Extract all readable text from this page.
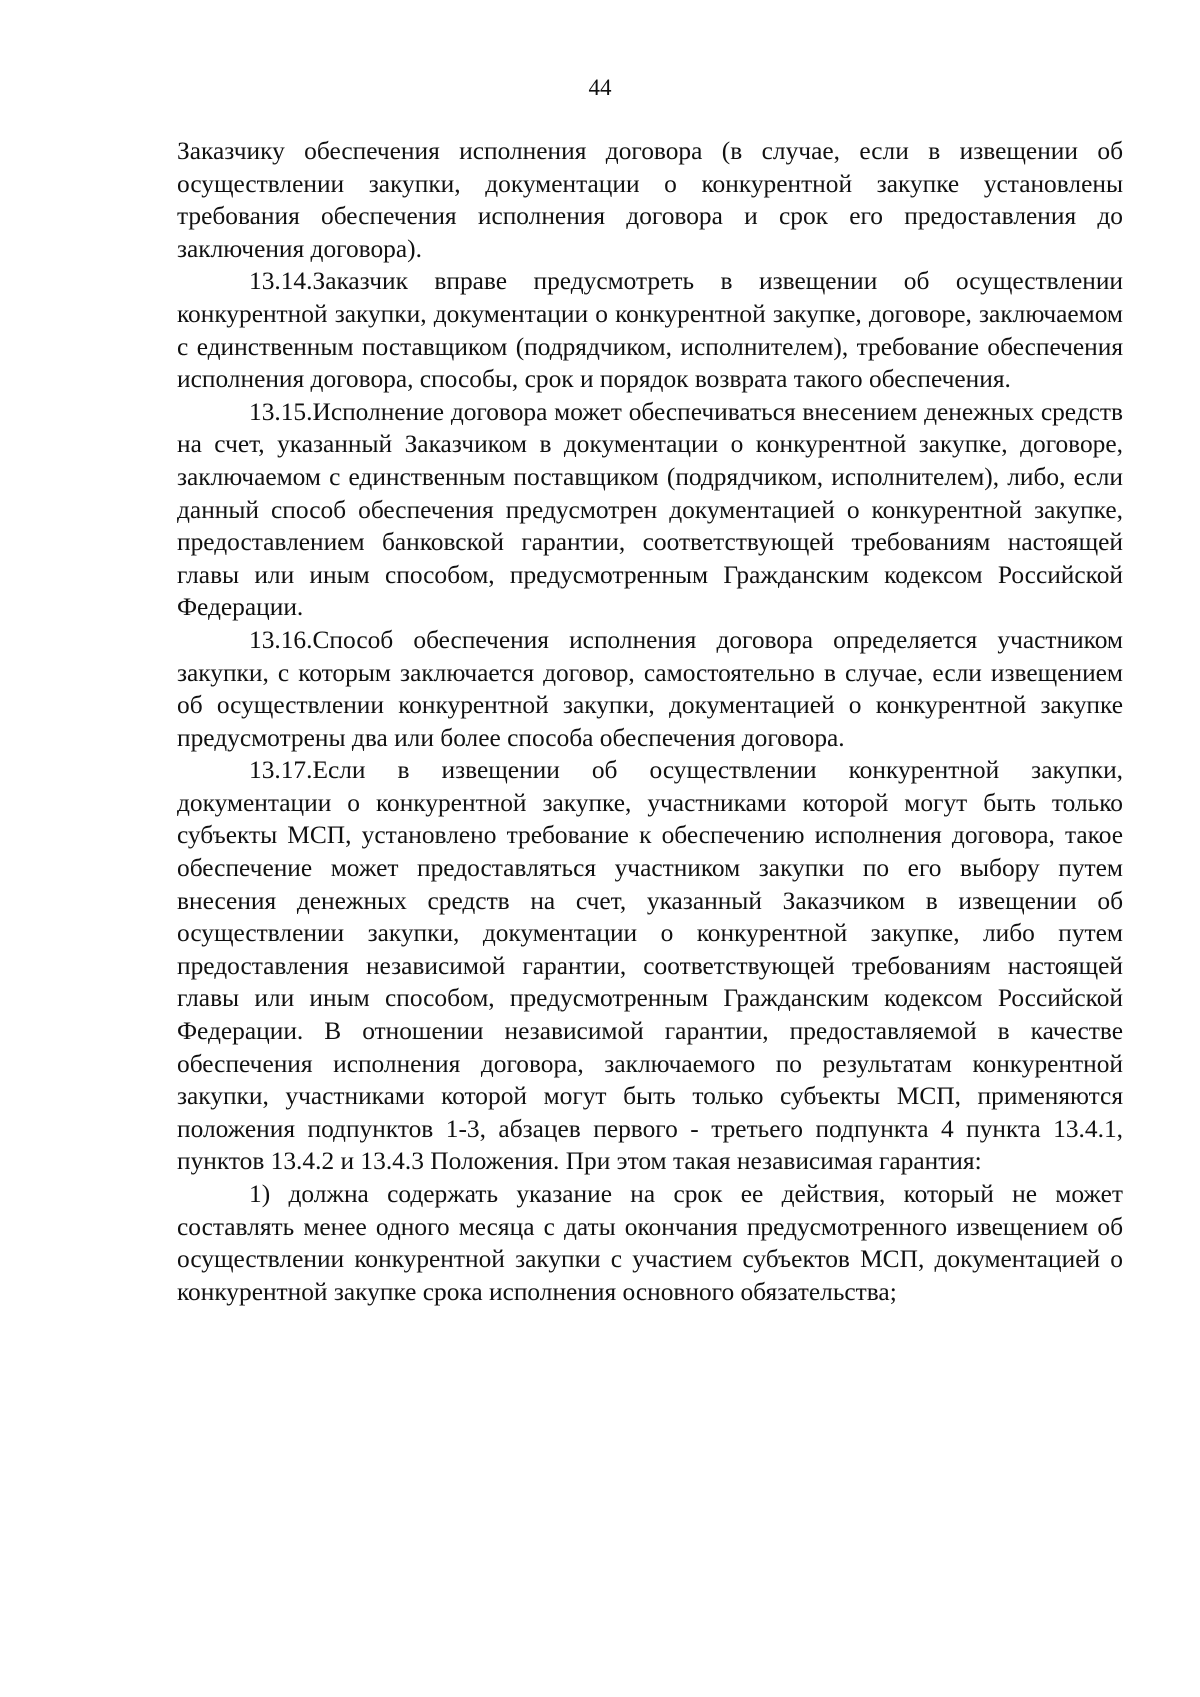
44

Заказчику обеспечения исполнения договора (в случае, если в извещении об осуществлении закупки, документации о конкурентной закупке установлены требования обеспечения исполнения договора и срок его предоставления до заключения договора).

13.14.Заказчик вправе предусмотреть в извещении об осуществлении конкурентной закупки, документации о конкурентной закупке, договоре, заключаемом с единственным поставщиком (подрядчиком, исполнителем), требование обеспечения исполнения договора, способы, срок и порядок возврата такого обеспечения.

13.15.Исполнение договора может обеспечиваться внесением денежных средств на счет, указанный Заказчиком в документации о конкурентной закупке, договоре, заключаемом с единственным поставщиком (подрядчиком, исполнителем), либо, если данный способ обеспечения предусмотрен документацией о конкурентной закупке, предоставлением банковской гарантии, соответствующей требованиям настоящей главы или иным способом, предусмотренным Гражданским кодексом Российской Федерации.

13.16.Способ обеспечения исполнения договора определяется участником закупки, с которым заключается договор, самостоятельно в случае, если извещением об осуществлении конкурентной закупки, документацией о конкурентной закупке предусмотрены два или более способа обеспечения договора.

13.17.Если в извещении об осуществлении конкурентной закупки, документации о конкурентной закупке, участниками которой могут быть только субъекты МСП, установлено требование к обеспечению исполнения договора, такое обеспечение может предоставляться участником закупки по его выбору путем внесения денежных средств на счет, указанный Заказчиком в извещении об осуществлении закупки, документации о конкурентной закупке, либо путем предоставления независимой гарантии, соответствующей требованиям настоящей главы или иным способом, предусмотренным Гражданским кодексом Российской Федерации. В отношении независимой гарантии, предоставляемой в качестве обеспечения исполнения договора, заключаемого по результатам конкурентной закупки, участниками которой могут быть только субъекты МСП, применяются положения подпунктов 1-3, абзацев первого - третьего подпункта 4 пункта 13.4.1, пунктов 13.4.2 и 13.4.3 Положения. При этом такая независимая гарантия:

1) должна содержать указание на срок ее действия, который не может составлять менее одного месяца с даты окончания предусмотренного извещением об осуществлении конкурентной закупки с участием субъектов МСП, документацией о конкурентной закупке срока исполнения основного обязательства;
